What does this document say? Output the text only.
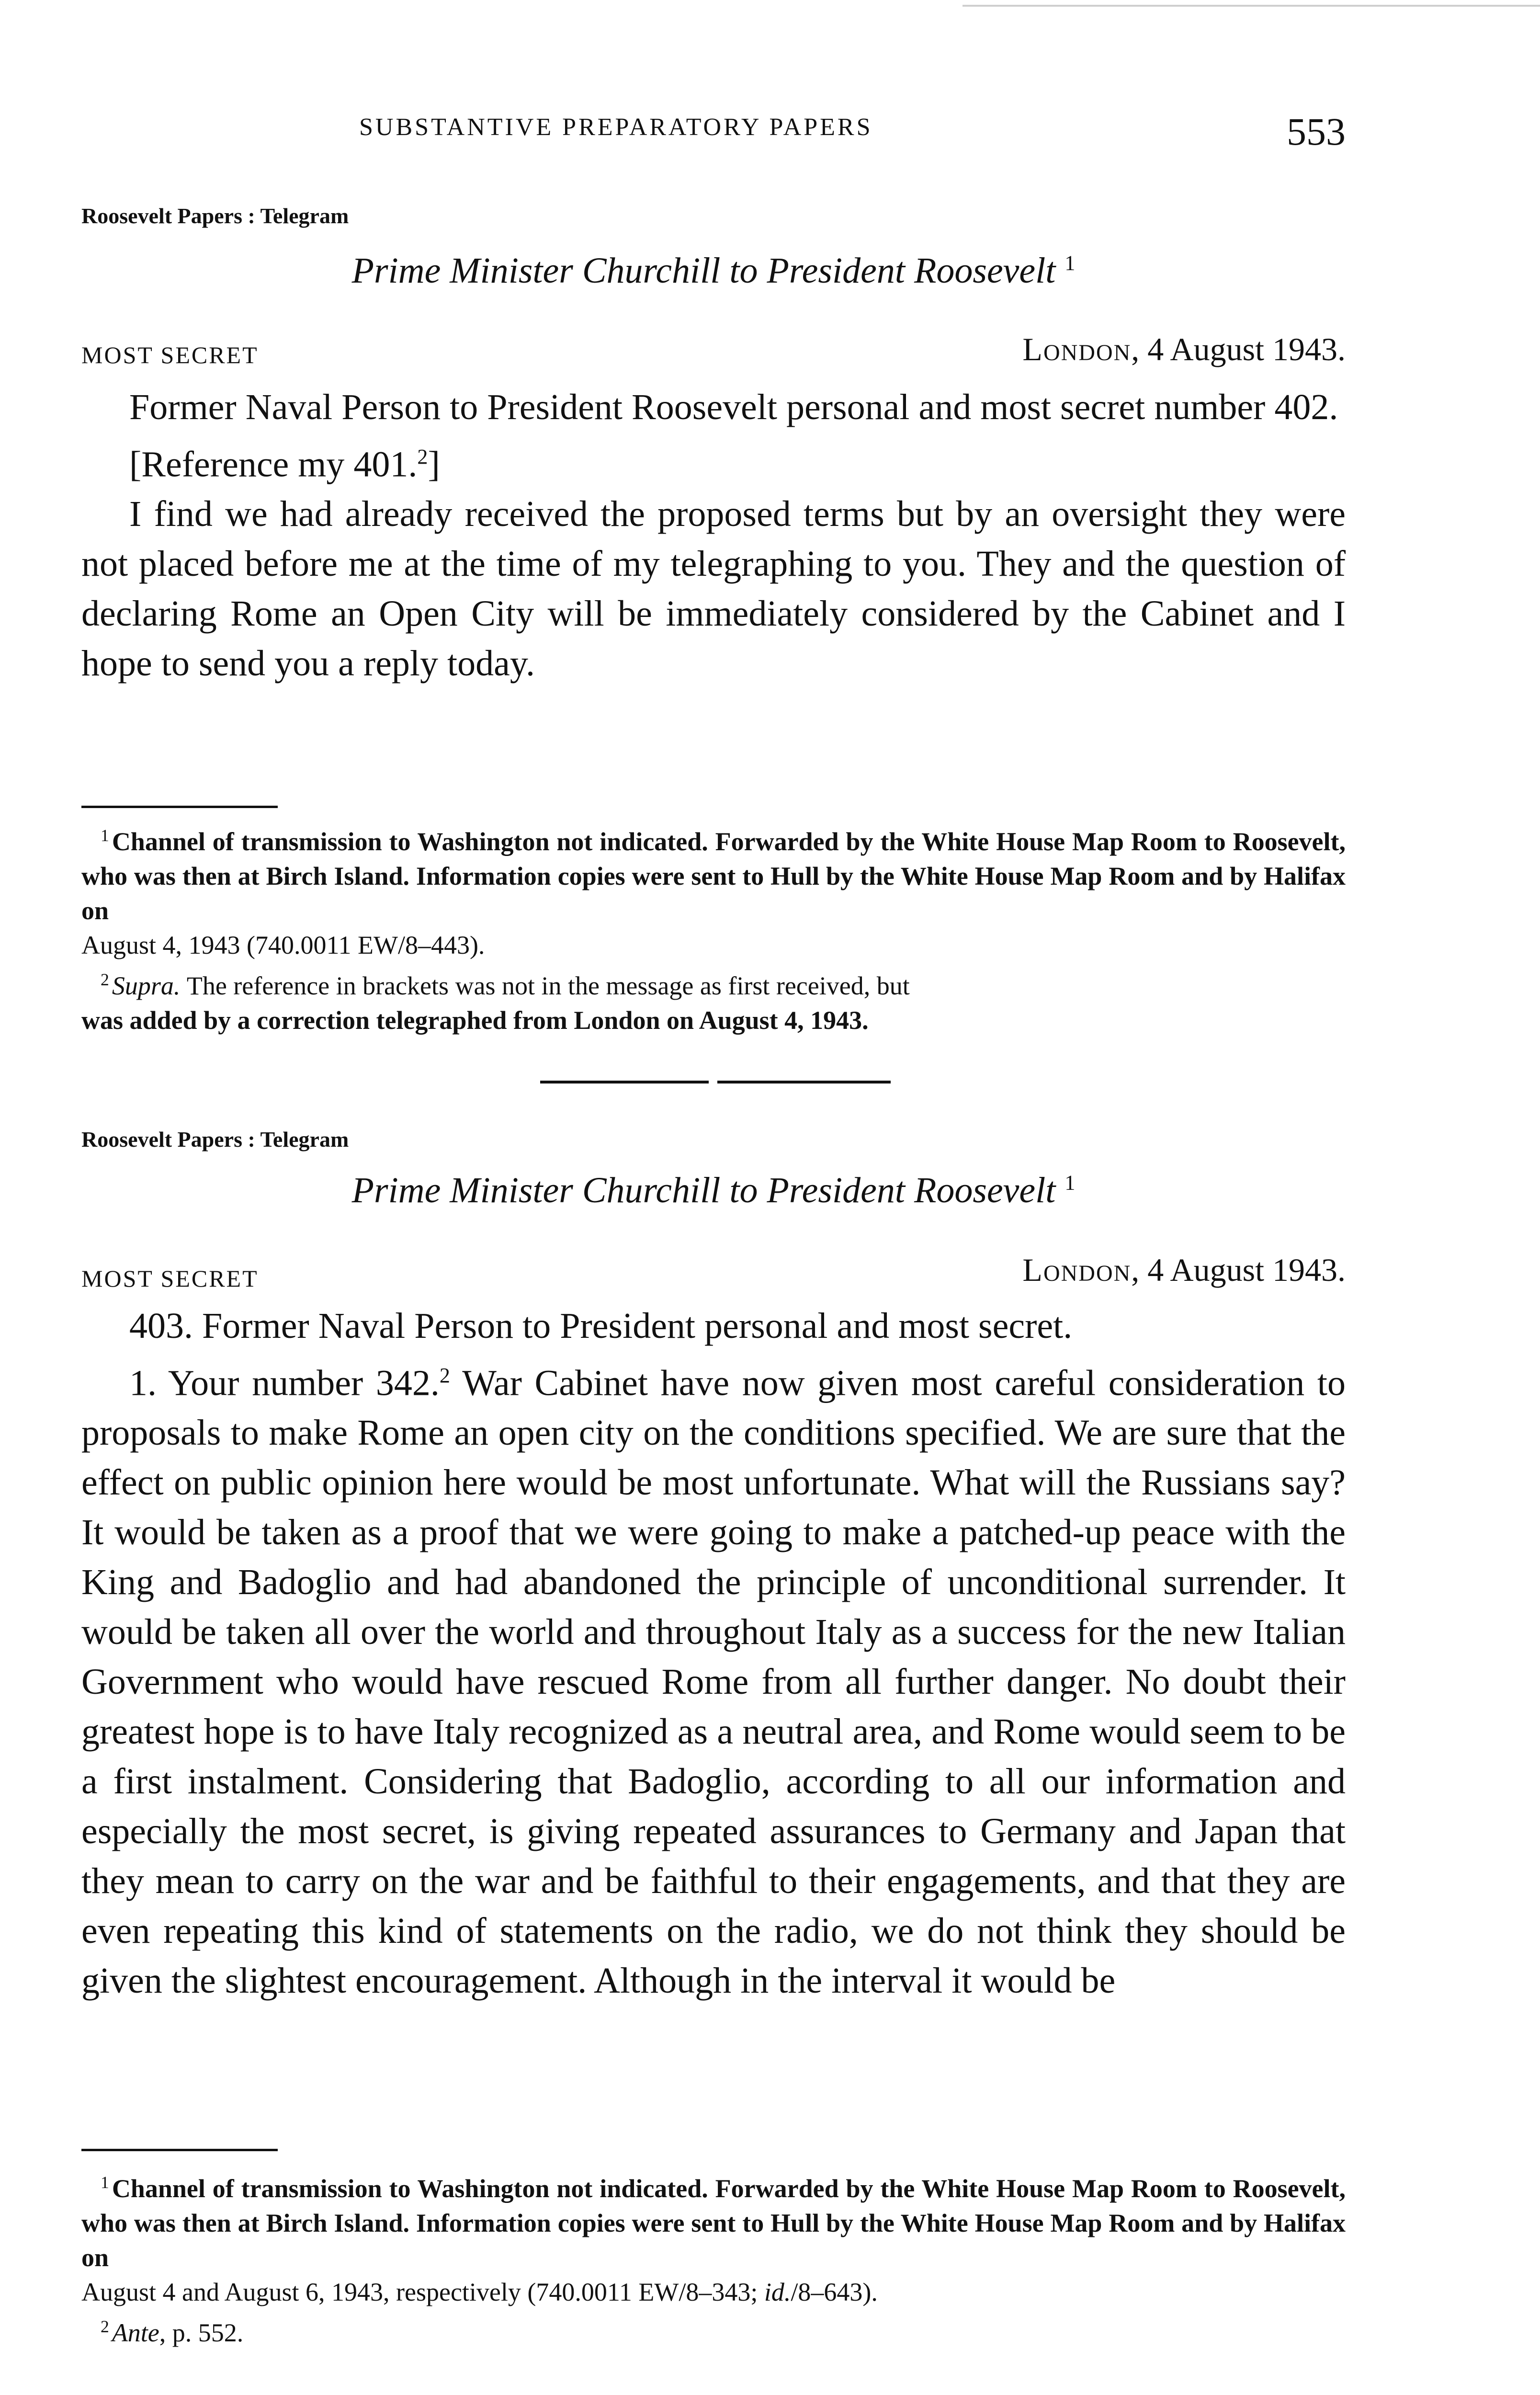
SUBSTANTIVE PREPARATORY PAPERS	553
Roosevelt Papers : Telegram
Prime Minister Churchill to President Roosevelt $^1$
MOST SECRET	London, 4 August 1943.

Former Naval Person to President Roosevelt personal and most secret number 402.

[Reference my 401.$^2$]

I find we had already received the proposed terms but by an oversight they were not placed before me at the time of my telegraphing to you. They and the question of declaring Rome an Open City will be immediately considered by the Cabinet and I hope to send you a reply today.

$^1$ Channel of transmission to Washington not indicated. Forwarded by the White House Map Room to Roosevelt, who was then at Birch Island. Information copies were sent to Hull by the White House Map Room and by Halifax on
August 4, 1943 (740.0011 EW/8–443).

$^2$ Supra. The reference in brackets was not in the message as first received, but
was added by a correction telegraphed from London on August 4, 1943.

Roosevelt Papers : Telegram
Prime Minister Churchill to President Roosevelt $^1$
MOST SECRET	London, 4 August 1943.

403. Former Naval Person to President personal and most secret.

1. Your number 342.$^2$ War Cabinet have now given most careful consideration to proposals to make Rome an open city on the conditions specified. We are sure that the effect on public opinion here would be most unfortunate. What will the Russians say? It would be taken as a proof that we were going to make a patched-up peace with the King and Badoglio and had abandoned the principle of unconditional surrender. It would be taken all over the world and throughout Italy as a success for the new Italian Government who would have rescued Rome from all further danger. No doubt their greatest hope is to have Italy recognized as a neutral area, and Rome would seem to be a first instalment. Considering that Badoglio, according to all our information and especially the most secret, is giving repeated assurances to Germany and Japan that they mean to carry on the war and be faithful to their engagements, and that they are even repeating this kind of statements on the radio, we do not think they should be given the slightest encouragement. Although in the interval it would be

$^1$ Channel of transmission to Washington not indicated. Forwarded by the White House Map Room to Roosevelt, who was then at Birch Island. Information copies were sent to Hull by the White House Map Room and by Halifax on
August 4 and August 6, 1943, respectively (740.0011 EW/8–343; id./8–643).

$^2$ Ante, p. 552.
